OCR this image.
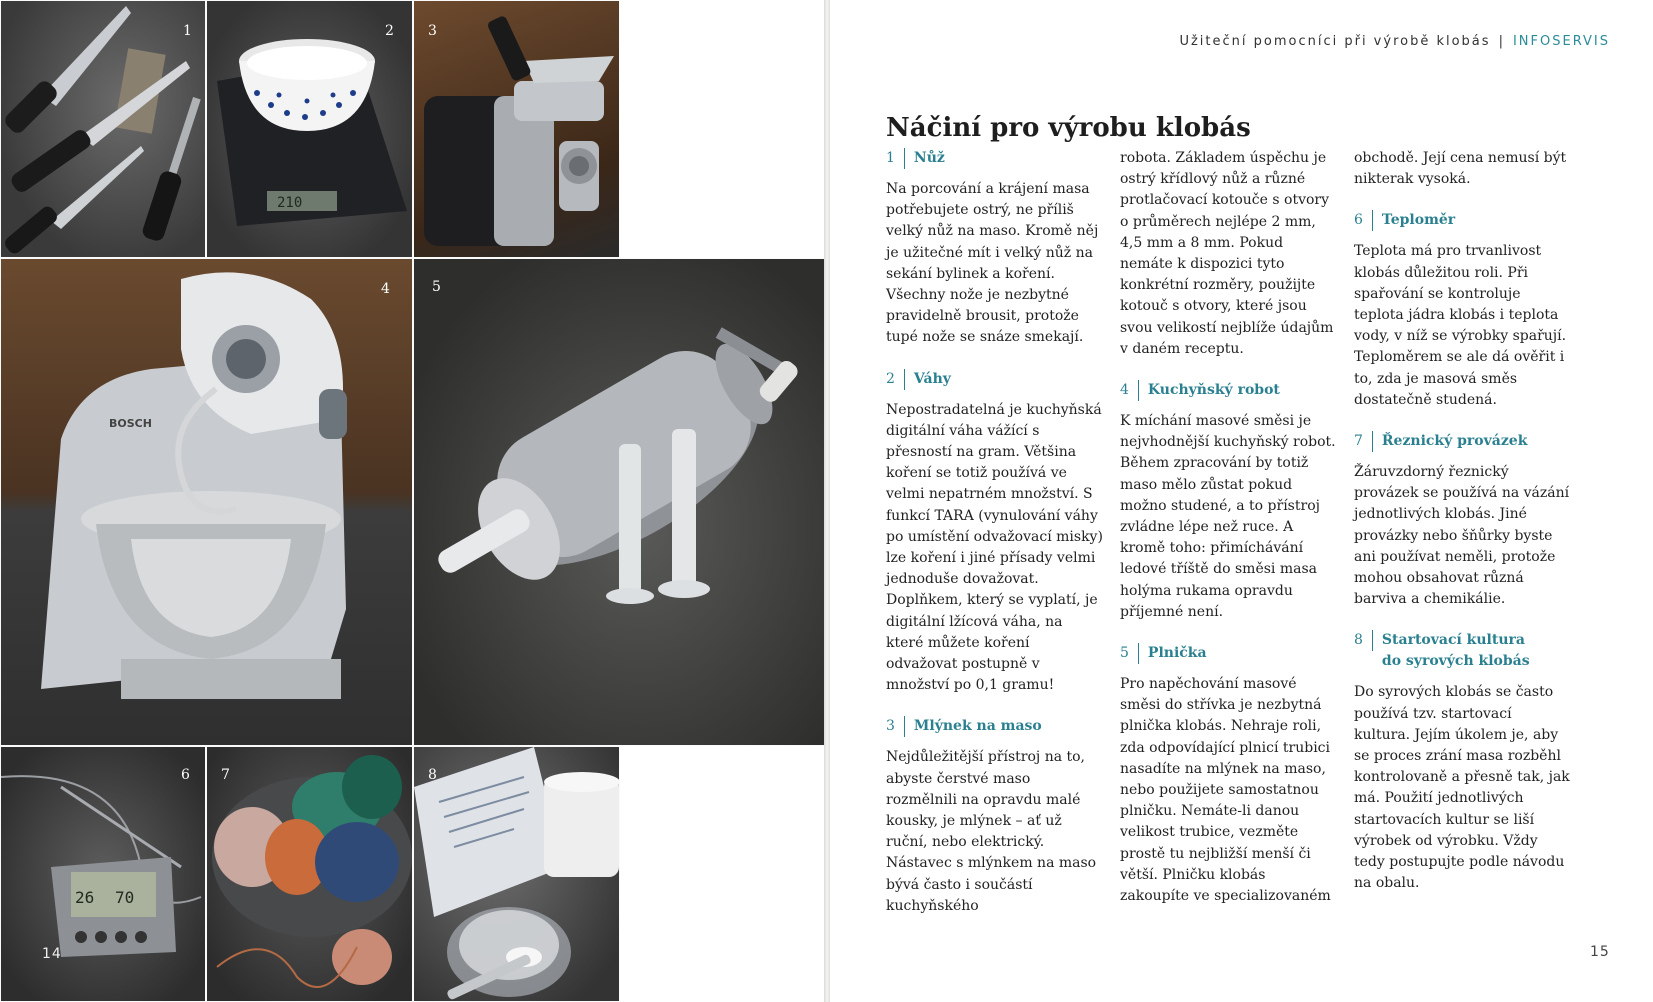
1	2
210
3
4
BOSCH
5
6
26 70
7	8
14
Užiteční pomocníci při výrobě klobás | INFOSERVIS
Náčiní pro výrobu klobás
1	Nůž

Na porcování a krájení masa potřebujete ostrý, ne příliš velký nůž na maso. Kromě něj je užitečné mít i velký nůž na sekání bylinek a koření. Všechny nože je nezbytné pravidelně brousit, protože tupé nože se snáze smekají.

2	Váhy

Nepostradatelná je kuchyňská digitální váha vážící s přesností na gram. Většina koření se totiž používá ve velmi nepatrném množství. S funkcí TARA (vynulování váhy po umístění odvažovací misky) lze koření i jiné přísady velmi jednoduše dovažovat. Doplňkem, který se vyplatí, je digitální lžícová váha, na které můžete koření odvažovat postupně v množství po 0,1 gramu!

3	Mlýnek na maso

Nejdůležitější přístroj na to, abyste čerstvé maso rozmělnili na opravdu malé kousky, je mlýnek – ať už ruční, nebo elektrický. Nástavec s mlýnkem na maso bývá často i součástí kuchyňského

robota. Základem úspěchu je ostrý křídlový nůž a různé protlačovací kotouče s otvory o průměrech nejlépe 2 mm, 4,5 mm a 8 mm. Pokud nemáte k dispozici tyto konkrétní rozměry, použijte kotouč s otvory, které jsou svou velikostí nejblíže údajům v daném receptu.

4	Kuchyňský robot

K míchání masové směsi je nejvhodnější kuchyňský robot. Během zpracování by totiž maso mělo zůstat pokud možno studené, a to přístroj zvládne lépe než ruce. A kromě toho: přimíchávání ledové tříště do směsi masa holýma rukama opravdu příjemné není.

5	Plnička

Pro napěchování masové směsi do střívka je nezbytná plnička klobás. Nehraje roli, zda odpovídající plnicí trubici nasadíte na mlýnek na maso, nebo použijete samostatnou plničku. Nemáte-li danou velikost trubice, vezměte prostě tu nejbližší menší či větší. Plničku klobás zakoupíte ve specializovaném

obchodě. Její cena nemusí být nikterak vysoká.

6	Teploměr

Teplota má pro trvanlivost klobás důležitou roli. Při spařování se kontroluje teplota jádra klobás i teplota vody, v níž se výrobky spařují. Teploměrem se ale dá ověřit i to, zda je masová směs dostatečně studená.

7	Řeznický provázek

Žáruvzdorný řeznický provázek se používá na vázání jednotlivých klobás. Jiné provázky nebo šňůrky byste ani používat neměli, protože mohou obsahovat různá barviva a chemikálie.

8	Startovací kultura do syrových klobás

Do syrových klobás se často používá tzv. startovací kultura. Jejím úkolem je, aby se proces zrání masa rozběhl kontrolovaně a přesně tak, jak má. Použití jednotlivých startovacích kultur se liší výrobek od výrobku. Vždy tedy postupujte podle návodu na obalu.

15
